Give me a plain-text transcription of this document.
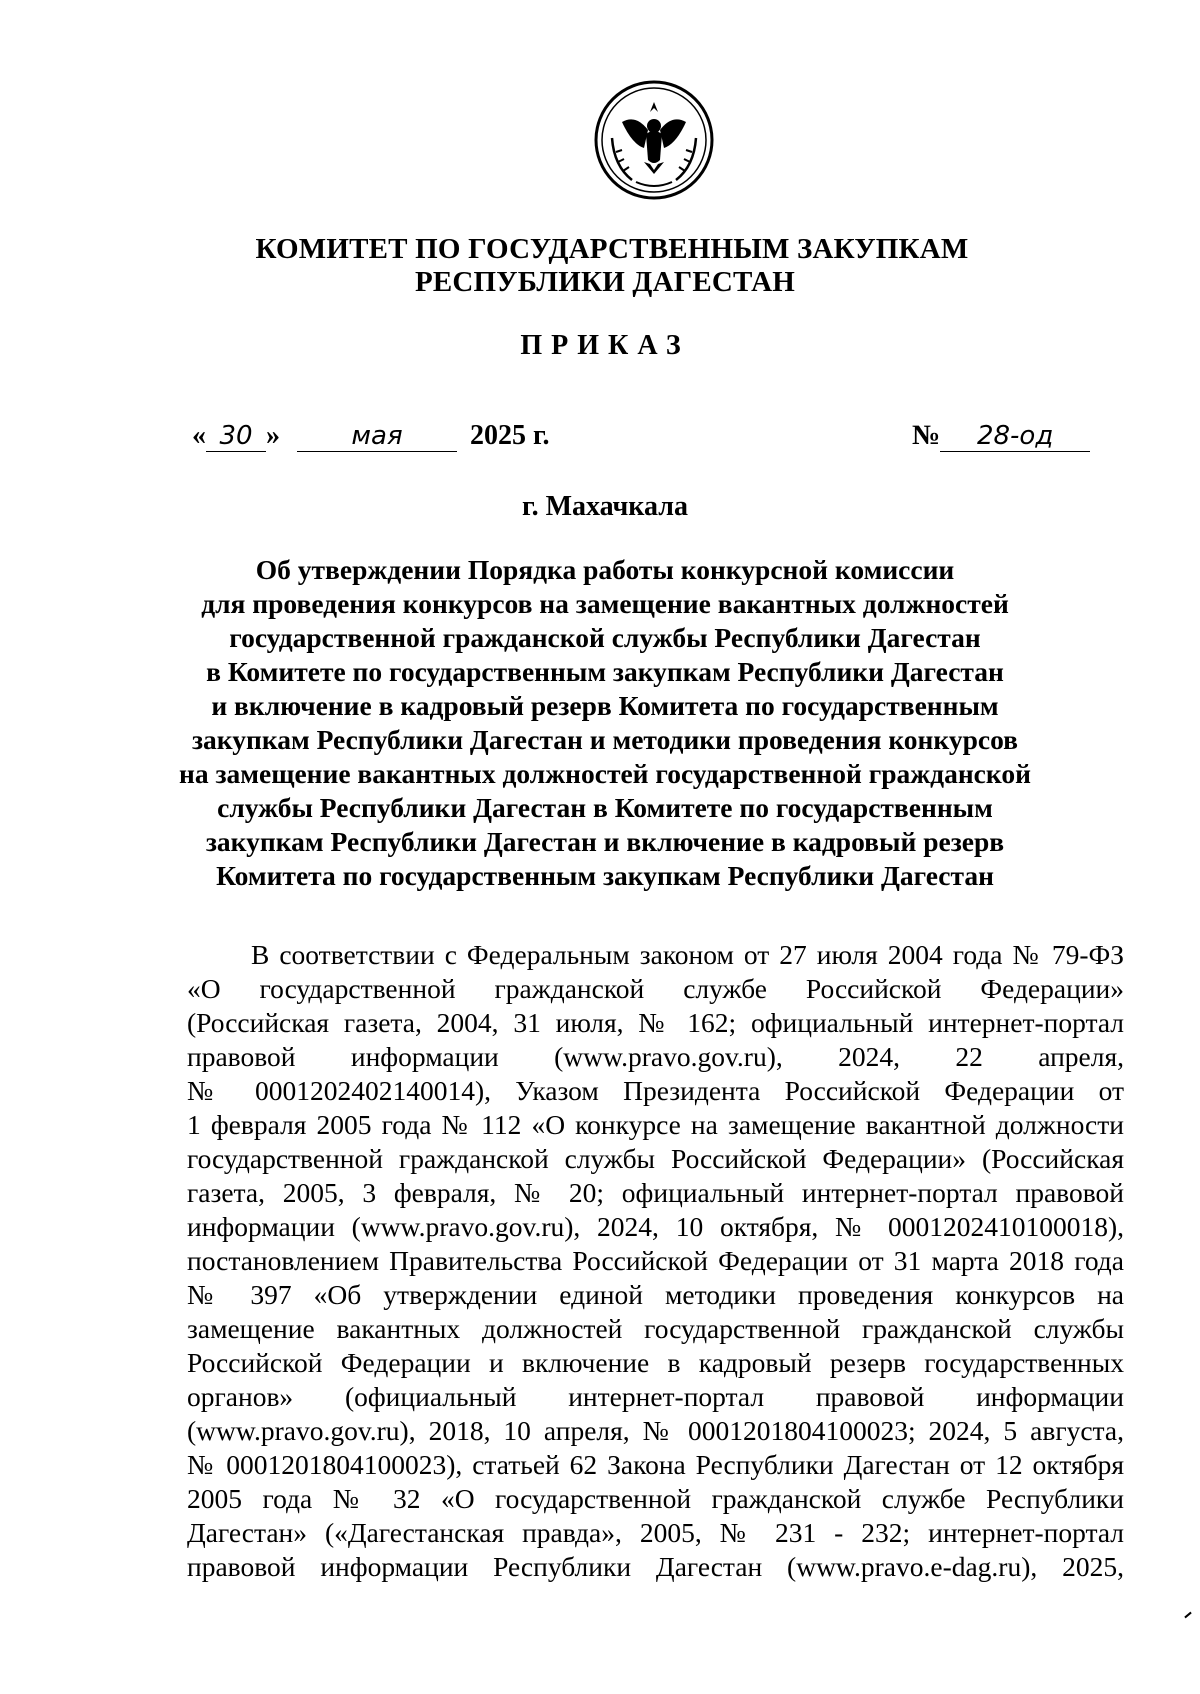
КОМИТЕТ ПО ГОСУДАРСТВЕННЫМ ЗАКУПКАМ
РЕСПУБЛИКИ ДАГЕСТАН
ПРИКАЗ
« 30 »	мая 2025 г.	№ 28-од
г. Махачкала
Об утверждении Порядка работы конкурсной комиссии
для проведения конкурсов на замещение вакантных должностей
государственной гражданской службы Республики Дагестан
в Комитете по государственным закупкам Республики Дагестан
и включение в кадровый резерв Комитета по государственным
закупкам Республики Дагестан и методики проведения конкурсов
на замещение вакантных должностей государственной гражданской
службы Республики Дагестан в Комитете по государственным
закупкам Республики Дагестан и включение в кадровый резерв
Комитета по государственным закупкам Республики Дагестан
В соответствии с Федеральным законом от 27 июля 2004 года № 79-ФЗ
«О государственной гражданской службе Российской Федерации»
(Российская газета, 2004, 31 июля, № 162; официальный интернет-портал
правовой информации (www.pravo.gov.ru), 2024, 22 апреля,
№ 0001202402140014), Указом Президента Российской Федерации от
1 февраля 2005 года № 112 «О конкурсе на замещение вакантной должности
государственной гражданской службы Российской Федерации» (Российская
газета, 2005, 3 февраля, № 20; официальный интернет-портал правовой
информации (www.pravo.gov.ru), 2024, 10 октября, № 0001202410100018),
постановлением Правительства Российской Федерации от 31 марта 2018 года
№ 397 «Об утверждении единой методики проведения конкурсов на
замещение вакантных должностей государственной гражданской службы
Российской Федерации и включение в кадровый резерв государственных
органов» (официальный интернет-портал правовой информации
(www.pravo.gov.ru), 2018, 10 апреля, № 0001201804100023; 2024, 5 августа,
№ 0001201804100023), статьей 62 Закона Республики Дагестан от 12 октября
2005 года № 32 «О государственной гражданской службе Республики
Дагестан» («Дагестанская правда», 2005, № 231 - 232; интернет-портал
правовой информации Республики Дагестан (www.pravo.e-dag.ru), 2025,
